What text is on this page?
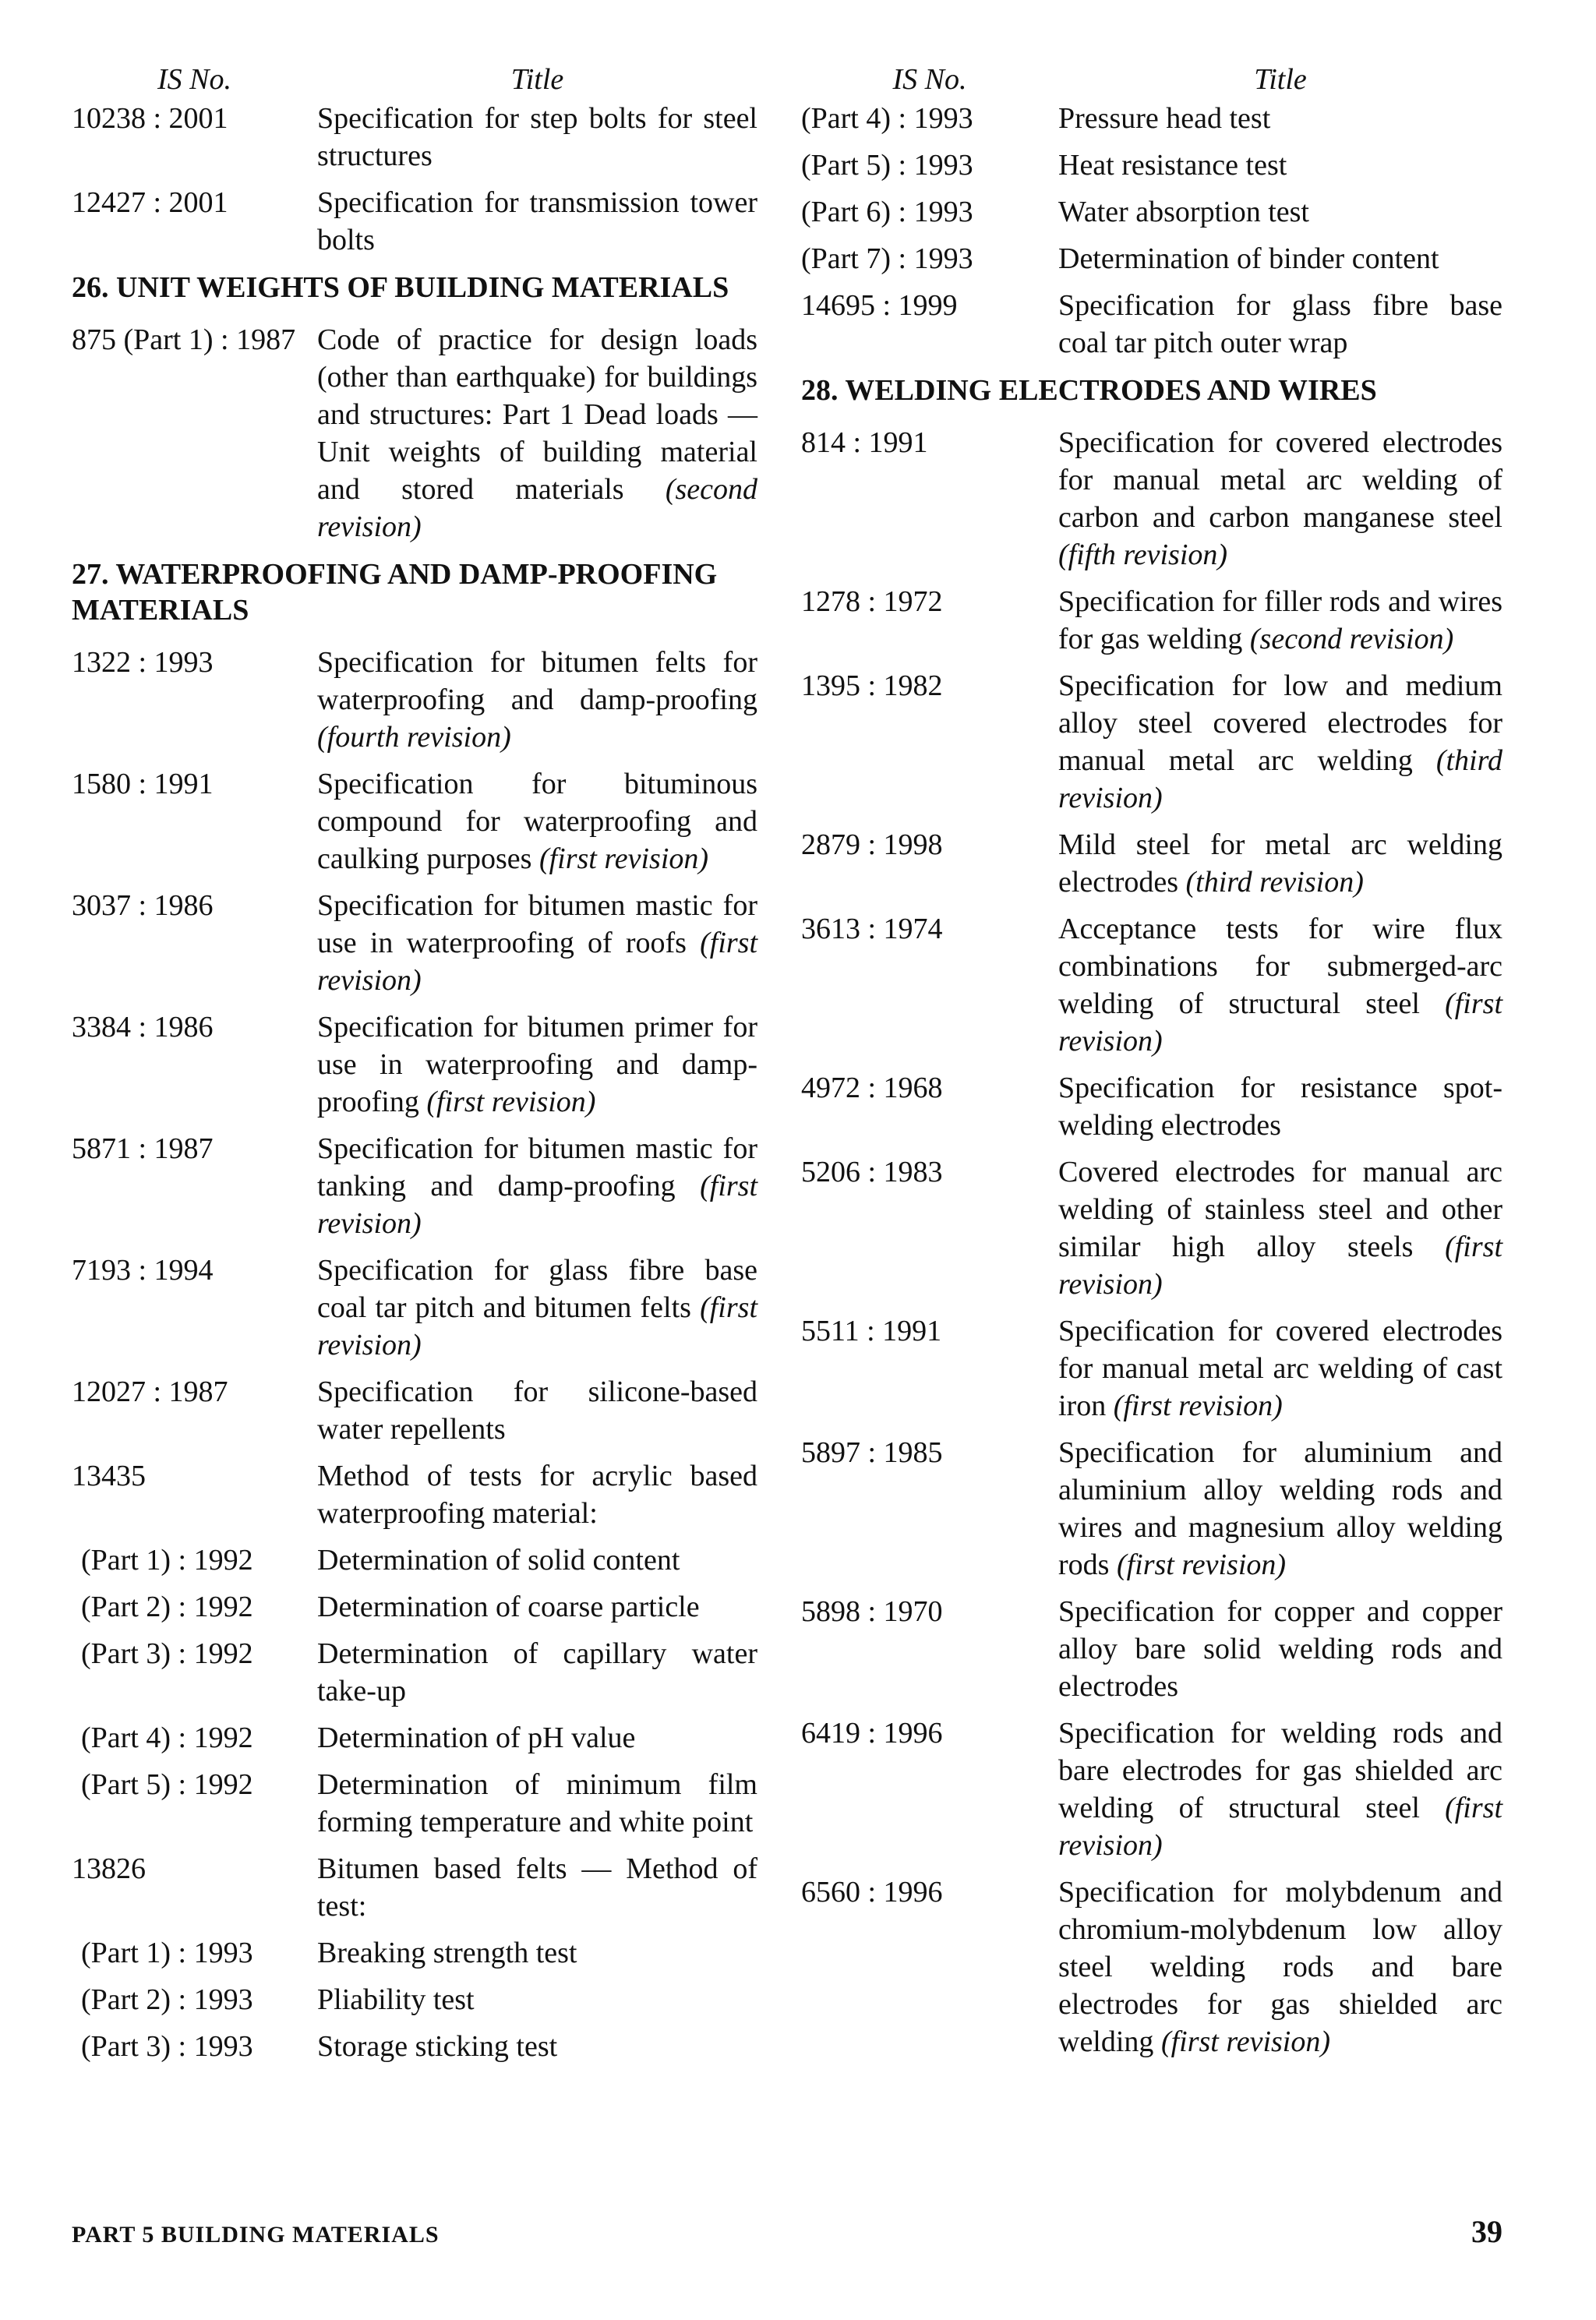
IS No.	Title
10238 : 2001	Specification for step bolts for steel structures
12427 : 2001	Specification for transmission tower bolts
26. UNIT WEIGHTS OF BUILDING MATERIALS
875 (Part 1) : 1987 Code of practice for design loads (other than earthquake) for buildings and structures: Part 1 Dead loads — Unit weights of building material and stored materials (second revision)
27. WATERPROOFING AND DAMP-PROOFING MATERIALS
1322 : 1993	Specification for bitumen felts for waterproofing and damp-proofing (fourth revision)
1580 : 1991	Specification for bituminous compound for waterproofing and caulking purposes (first revision)
3037 : 1986	Specification for bitumen mastic for use in waterproofing of roofs (first revision)
3384 : 1986	Specification for bitumen primer for use in waterproofing and damp-proofing (first revision)
5871 : 1987	Specification for bitumen mastic for tanking and damp-proofing (first revision)
7193 : 1994	Specification for glass fibre base coal tar pitch and bitumen felts (first revision)
12027 : 1987	Specification for silicone-based water repellents
13435	Method of tests for acrylic based waterproofing material:
(Part 1) : 1992	Determination of solid content
(Part 2) : 1992	Determination of coarse particle
(Part 3) : 1992	Determination of capillary water take-up
(Part 4) : 1992	Determination of pH value
(Part 5) : 1992	Determination of minimum film forming temperature and white point
13826	Bitumen based felts — Method of test:
(Part 1) : 1993	Breaking strength test
(Part 2) : 1993	Pliability test
(Part 3) : 1993	Storage sticking test
IS No.	Title
(Part 4) : 1993	Pressure head test
(Part 5) : 1993	Heat resistance test
(Part 6) : 1993	Water absorption test
(Part 7) : 1993	Determination of binder content
14695 : 1999	Specification for glass fibre base coal tar pitch outer wrap
28. WELDING ELECTRODES AND WIRES
814 : 1991	Specification for covered electrodes for manual metal arc welding of carbon and carbon manganese steel (fifth revision)
1278 : 1972	Specification for filler rods and wires for gas welding (second revision)
1395 : 1982	Specification for low and medium alloy steel covered electrodes for manual metal arc welding (third revision)
2879 : 1998	Mild steel for metal arc welding electrodes (third revision)
3613 : 1974	Acceptance tests for wire flux combinations for submerged-arc welding of structural steel (first revision)
4972 : 1968	Specification for resistance spot-welding electrodes
5206 : 1983	Covered electrodes for manual arc welding of stainless steel and other similar high alloy steels (first revision)
5511 : 1991	Specification for covered electrodes for manual metal arc welding of cast iron (first revision)
5897 : 1985	Specification for aluminium and aluminium alloy welding rods and wires and magnesium alloy welding rods (first revision)
5898 : 1970	Specification for copper and copper alloy bare solid welding rods and electrodes
6419 : 1996	Specification for welding rods and bare electrodes for gas shielded arc welding of structural steel (first revision)
6560 : 1996	Specification for molybdenum and chromium-molybdenum low alloy steel welding rods and bare electrodes for gas shielded arc welding (first revision)
PART 5 BUILDING MATERIALS	39
